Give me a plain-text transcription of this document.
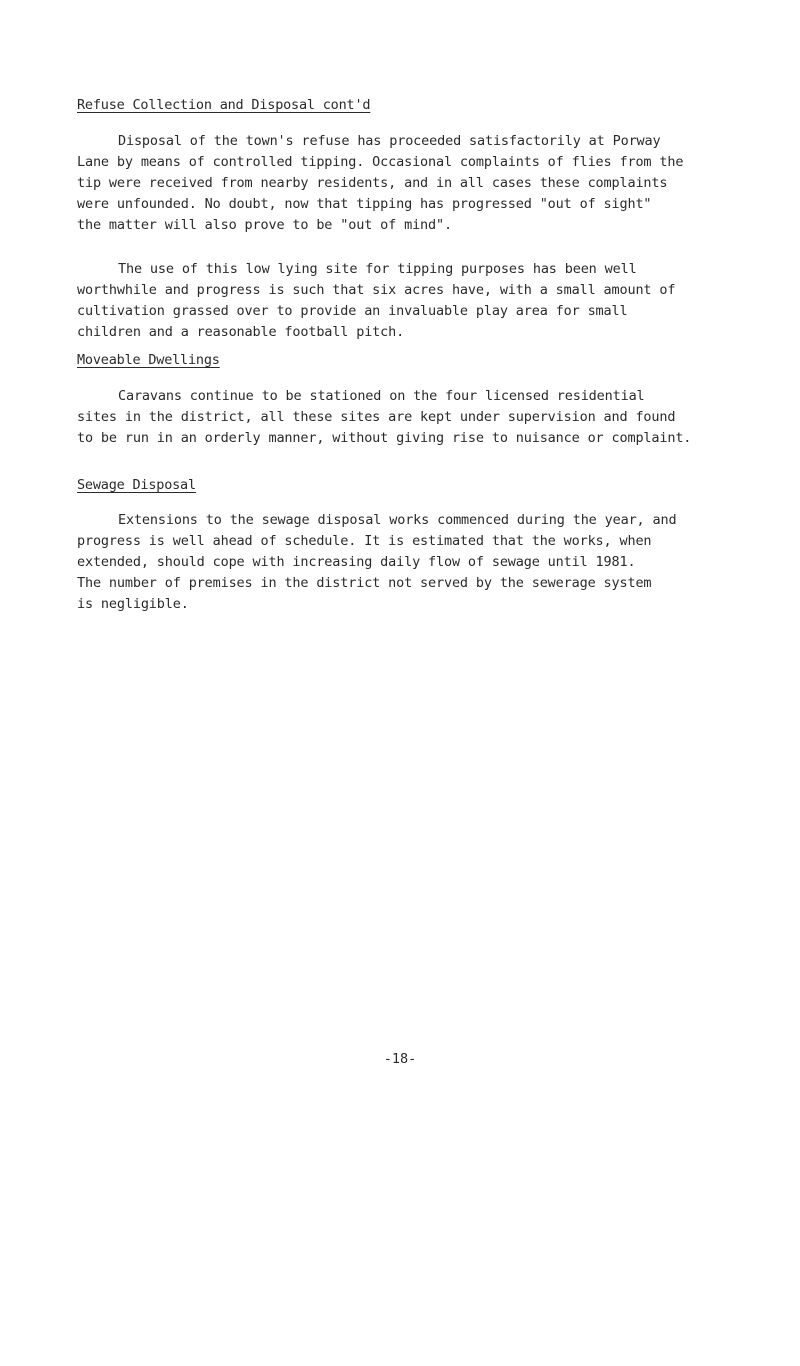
Refuse Collection and Disposal cont'd
Disposal of the town's refuse has proceeded satisfactorily at Porway
Lane by means of controlled tipping. Occasional complaints of flies from the
tip were received from nearby residents, and in all cases these complaints
were unfounded. No doubt, now that tipping has progressed "out of sight"
the matter will also prove to be "out of mind".
The use of this low lying site for tipping purposes has been well
worthwhile and progress is such that six acres have, with a small amount of
cultivation grassed over to provide an invaluable play area for small
children and a reasonable football pitch.
Moveable Dwellings
Caravans continue to be stationed on the four licensed residential
sites in the district, all these sites are kept under supervision and found
to be run in an orderly manner, without giving rise to nuisance or complaint.
Sewage Disposal
Extensions to the sewage disposal works commenced during the year, and
progress is well ahead of schedule. It is estimated that the works, when
extended, should cope with increasing daily flow of sewage until 1981.
The number of premises in the district not served by the sewerage system
is negligible.
-18-
